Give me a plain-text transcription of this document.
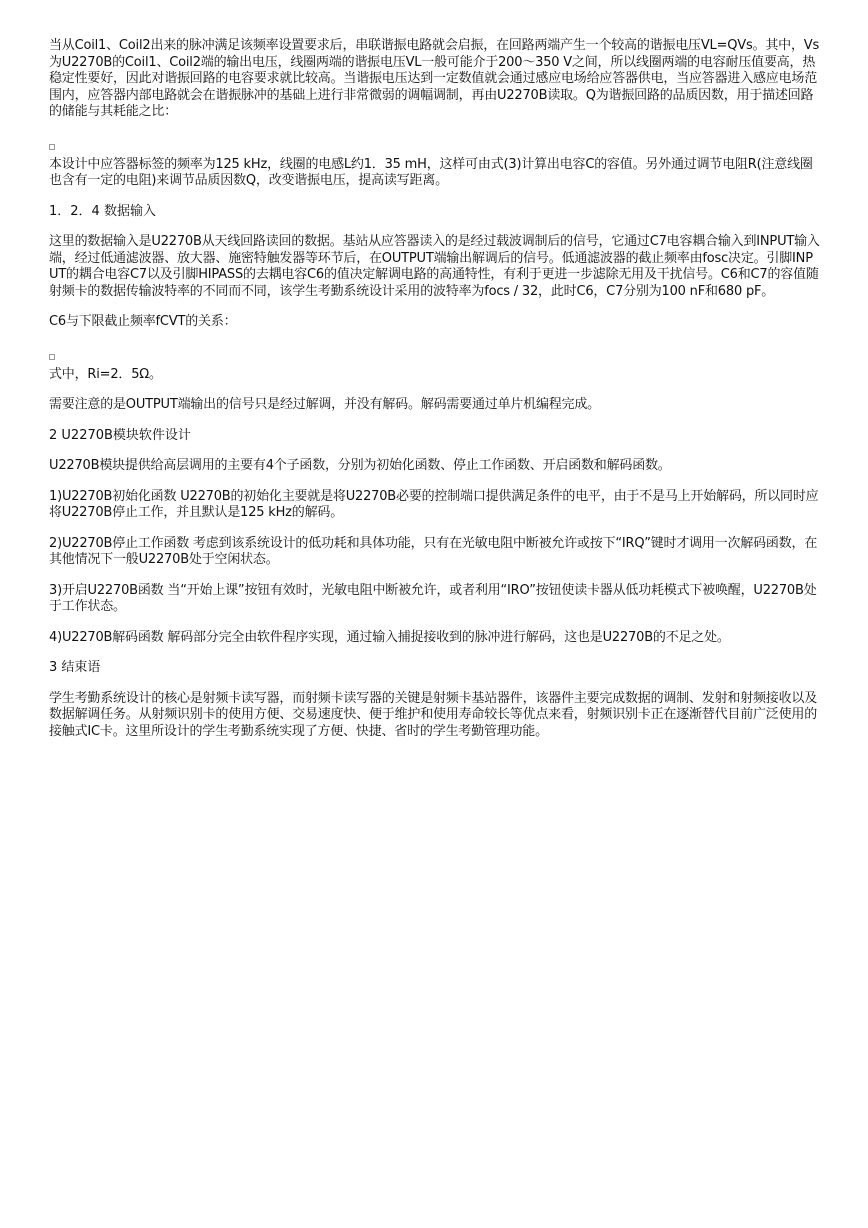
当从Coil1、Coil2出来的脉冲满足该频率设置要求后，串联谐振电路就会启振，在回路两端产生一个较高的谐振电压VL=QVs。其中，Vs为U2270B的Coil1、Coil2端的输出电压，线圈两端的谐振电压VL一般可能介于200～350 V之间，所以线圈两端的电容耐压值要高，热稳定性要好，因此对谐振回路的电容要求就比较高。当谐振电压达到一定数值就会通过感应电场给应答器供电，当应答器进入感应电场范围内，应答器内部电路就会在谐振脉冲的基础上进行非常微弱的调幅调制，再由U2270B读取。Q为谐振回路的品质因数，用于描述回路的储能与其耗能之比：

本设计中应答器标签的频率为125 kHz，线圈的电感L约1．35 mH，这样可由式(3)计算出电容C的容值。另外通过调节电阻R(注意线圈也含有一定的电阻)来调节品质因数Q，改变谐振电压，提高读写距离。

1．2．4 数据输入

这里的数据输入是U2270B从天线回路读回的数据。基站从应答器读入的是经过载波调制后的信号，它通过C7电容耦合输入到INPUT输入端，经过低通滤波器、放大器、施密特触发器等环节后，在OUTPUT端输出解调后的信号。低通滤波器的截止频率由fosc决定。引脚INPUT的耦合电容C7以及引脚HIPASS的去耦电容C6的值决定解调电路的高通特性，有利于更进一步滤除无用及干扰信号。C6和C7的容值随射频卡的数据传输波特率的不同而不同，该学生考勤系统设计采用的波特率为focs / 32，此时C6，C7分别为100 nF和680 pF。

C6与下限截止频率fCVT的关系：

式中，Ri=2．5Ω。

需要注意的是OUTPUT端输出的信号只是经过解调，并没有解码。解码需要通过单片机编程完成。

2 U2270B模块软件设计

U2270B模块提供给高层调用的主要有4个子函数，分别为初始化函数、停止工作函数、开启函数和解码函数。

1)U2270B初始化函数 U2270B的初始化主要就是将U2270B必要的控制端口提供满足条件的电平，由于不是马上开始解码，所以同时应将U2270B停止工作，并且默认是125 kHz的解码。

2)U2270B停止工作函数 考虑到该系统设计的低功耗和具体功能，只有在光敏电阻中断被允许或按下“IRQ”键时才调用一次解码函数，在其他情况下一般U2270B处于空闲状态。

3)开启U2270B函数 当“开始上课”按钮有效时，光敏电阻中断被允许，或者利用“IRO”按钮使读卡器从低功耗模式下被唤醒，U2270B处于工作状态。

4)U2270B解码函数 解码部分完全由软件程序实现，通过输入捕捉接收到的脉冲进行解码，这也是U2270B的不足之处。

3 结束语

学生考勤系统设计的核心是射频卡读写器，而射频卡读写器的关键是射频卡基站器件，该器件主要完成数据的调制、发射和射频接收以及数据解调任务。从射频识别卡的使用方便、交易速度快、便于维护和使用寿命较长等优点来看，射频识别卡正在逐渐替代目前广泛使用的接触式IC卡。这里所设计的学生考勤系统实现了方便、快捷、省时的学生考勤管理功能。
